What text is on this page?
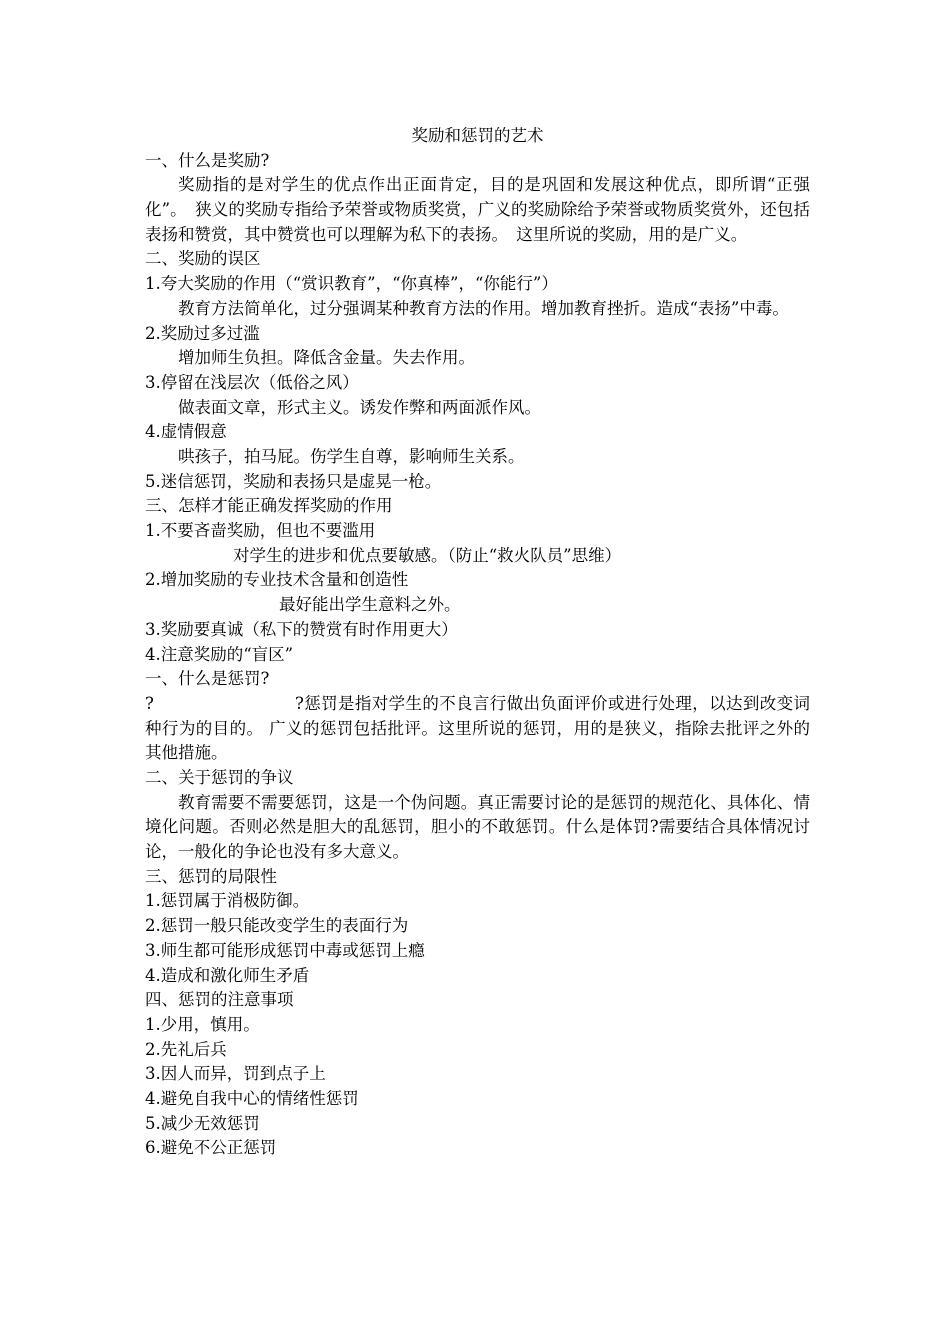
奖励和惩罚的艺术

一、什么是奖励?

奖励指的是对学生的优点作出正面肯定，目的是巩固和发展这种优点，即所谓“正强化”。　狭义的奖励专指给予荣誉或物质奖赏，广义的奖励除给予荣誉或物质奖赏外，还包括表扬和赞赏，其中赞赏也可以理解为私下的表扬。　这里所说的奖励，用的是广义。

二、奖励的误区

1.夸大奖励的作用（“赏识教育”，“你真棒”，“你能行”）

教育方法简单化，过分强调某种教育方法的作用。增加教育挫折。造成“表扬”中毒。

2.奖励过多过滥

增加师生负担。降低含金量。失去作用。

3.停留在浅层次（低俗之风）

做表面文章，形式主义。诱发作弊和两面派作风。

4.虚情假意

哄孩子，拍马屁。伤学生自尊，影响师生关系。

5.迷信惩罚，奖励和表扬只是虚晃一枪。

三、怎样才能正确发挥奖励的作用

1.不要吝啬奖励，但也不要滥用

对学生的进步和优点要敏感。（防止“救火队员”思维）

2.增加奖励的专业技术含量和创造性

最好能出学生意料之外。

3.奖励要真诚（私下的赞赏有时作用更大）

4.注意奖励的“盲区”

一、什么是惩罚?

?	?惩罚是指对学生的不良言行做出负面评价或进行处理，以达到改变词种行为的目的。 广义的惩罚包括批评。这里所说的惩罚，用的是狭义，指除去批评之外的其他措施。

二、关于惩罚的争议

教育需要不需要惩罚，这是一个伪问题。真正需要讨论的是惩罚的规范化、具体化、情境化问题。否则必然是胆大的乱惩罚，胆小的不敢惩罚。什么是体罚?需要结合具体情况讨论，一般化的争论也没有多大意义。

三、惩罚的局限性

1.惩罚属于消极防御。

2.惩罚一般只能改变学生的表面行为

3.师生都可能形成惩罚中毒或惩罚上瘾

4.造成和激化师生矛盾

四、惩罚的注意事项

1.少用，慎用。

2.先礼后兵

3.因人而异，罚到点子上

4.避免自我中心的情绪性惩罚

5.减少无效惩罚

6.避免不公正惩罚
